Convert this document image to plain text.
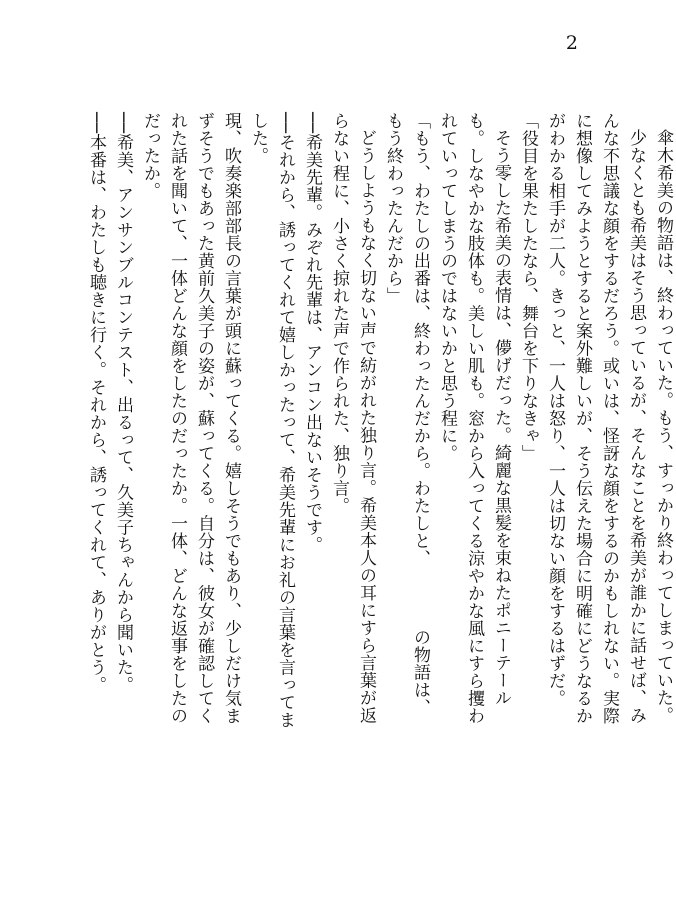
2

傘木希美の物語は、終わっていた。もう、すっかり終わってしまっていた。

少なくとも希美はそう思っているが、そんなことを希美が誰かに話せば、みんな不思議な顔をするだろう。或いは、怪訝な顔をするのかもしれない。実際に想像してみようとすると案外難しいが、そう伝えた場合に明確にどうなるかがわかる相手が二人。きっと、一人は怒り、一人は切ない顔をするはずだ。

「役目を果たしたなら、舞台を下りなきゃ」

そう零した希美の表情は、儚げだった。綺麗な黒髪を束ねたポニーテールも。しなやかな肢体も。美しい肌も。窓から入ってくる涼やかな風にすら攫われていってしまうのではないかと思う程に。

「もう、わたしの出番は、終わったんだから。わたしと、　　　　の物語は、もう終わったんだから」

どうしようもなく切ない声で紡がれた独り言。希美本人の耳にすら言葉が返らない程に、小さく掠れた声で作られた、独り言。

──希美先輩。みぞれ先輩は、アンコン出ないそうです。

──それから、誘ってくれて嬉しかったって、希美先輩にお礼の言葉を言ってました。

現、吹奏楽部部長の言葉が頭に蘇ってくる。嬉しそうでもあり、少しだけ気まずそうでもあった黄前久美子の姿が、蘇ってくる。自分は、彼女が確認してくれた話を聞いて、一体どんな顔をしたのだったか。一体、どんな返事をしたのだったか。

──希美、アンサンブルコンテスト、出るって、久美子ちゃんから聞いた。

──本番は、わたしも聴きに行く。それから、誘ってくれて、ありがとう。
